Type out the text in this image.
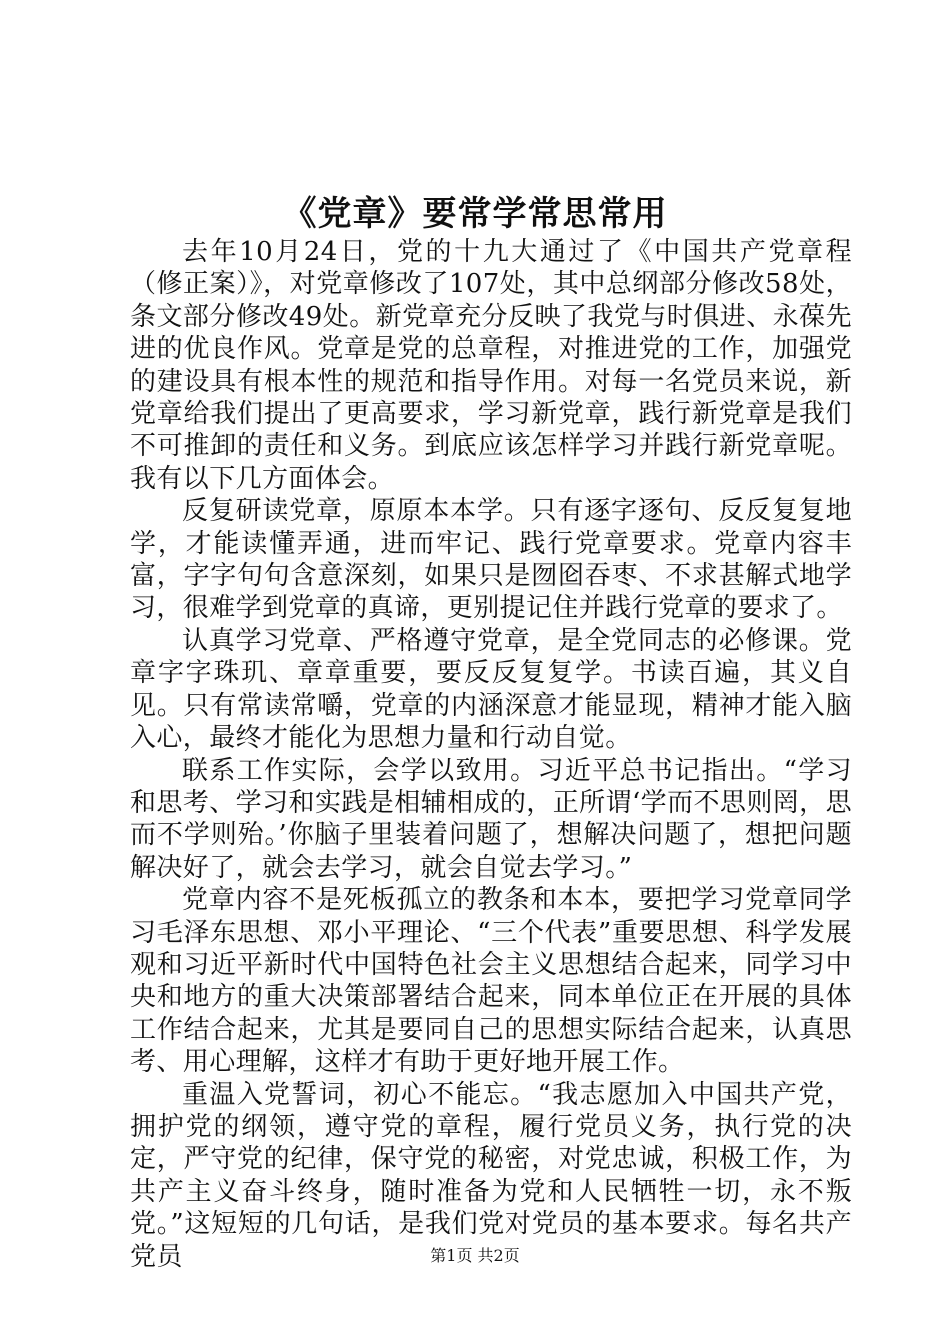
《党章》要常学常思常用

去年10月24日，党的十九大通过了《中国共产党章程（修正案）》，对党章修改了107处，其中总纲部分修改58处，条文部分修改49处。新党章充分反映了我党与时俱进、永葆先进的优良作风。党章是党的总章程，对推进党的工作，加强党的建设具有根本性的规范和指导作用。对每一名党员来说，新党章给我们提出了更高要求，学习新党章，践行新党章是我们不可推卸的责任和义务。到底应该怎样学习并践行新党章呢。我有以下几方面体会。

反复研读党章，原原本本学。只有逐字逐句、反反复复地学，才能读懂弄通，进而牢记、践行党章要求。党章内容丰富，字字句句含意深刻，如果只是囫囵吞枣、不求甚解式地学习，很难学到党章的真谛，更别提记住并践行党章的要求了。

认真学习党章、严格遵守党章，是全党同志的必修课。党章字字珠玑、章章重要，要反反复复学。书读百遍，其义自见。只有常读常嚼，党章的内涵深意才能显现，精神才能入脑入心，最终才能化为思想力量和行动自觉。

联系工作实际，会学以致用。习近平总书记指出。“学习和思考、学习和实践是相辅相成的，正所谓‘学而不思则罔，思而不学则殆。’你脑子里装着问题了，想解决问题了，想把问题解决好了，就会去学习，就会自觉去学习。”

党章内容不是死板孤立的教条和本本，要把学习党章同学习毛泽东思想、邓小平理论、“三个代表”重要思想、科学发展观和习近平新时代中国特色社会主义思想结合起来，同学习中央和地方的重大决策部署结合起来，同本单位正在开展的具体工作结合起来，尤其是要同自己的思想实际结合起来，认真思考、用心理解，这样才有助于更好地开展工作。

重温入党誓词，初心不能忘。“我志愿加入中国共产党，拥护党的纲领，遵守党的章程，履行党员义务，执行党的决定，严守党的纪律，保守党的秘密，对党忠诚，积极工作，为共产主义奋斗终身，随时准备为党和人民牺牲一切，永不叛党。”这短短的几句话，是我们党对党员的基本要求。每名共产党员	第1页 共2页
